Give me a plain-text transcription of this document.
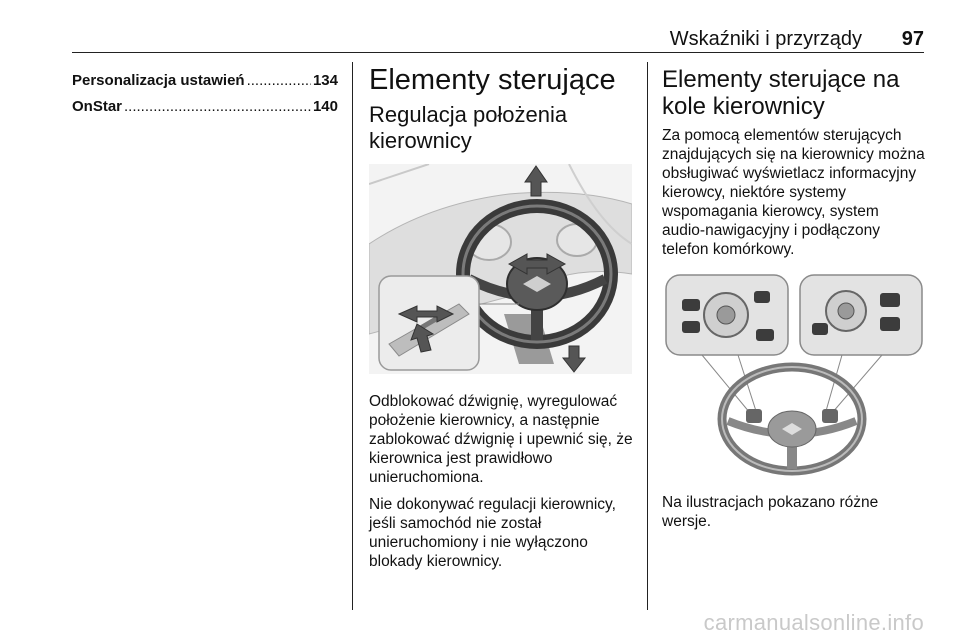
Wskaźniki i przyrządy 97
Personalizacja ustawień .....	134
OnStar .....	140
Elementy sterujące
Regulacja położenia kierownicy

Odblokować dźwignię, wyregulować położenie kierownicy, a następnie zablokować dźwignię i upewnić się, że kierownica jest prawidłowo unieruchomiona.

Nie dokonywać regulacji kierownicy, jeśli samochód nie został unieruchomiony i nie wyłączono blokady kierownicy.

Elementy sterujące na kole kierownicy

Za pomocą elementów sterujących znajdujących się na kierownicy można obsługiwać wyświetlacz informacyjny kierowcy, niektóre systemy wspomagania kierowcy, system audio-nawigacyjny i podłączony telefon komórkowy.

Na ilustracjach pokazano różne wersje.

carmanualsonline.info
